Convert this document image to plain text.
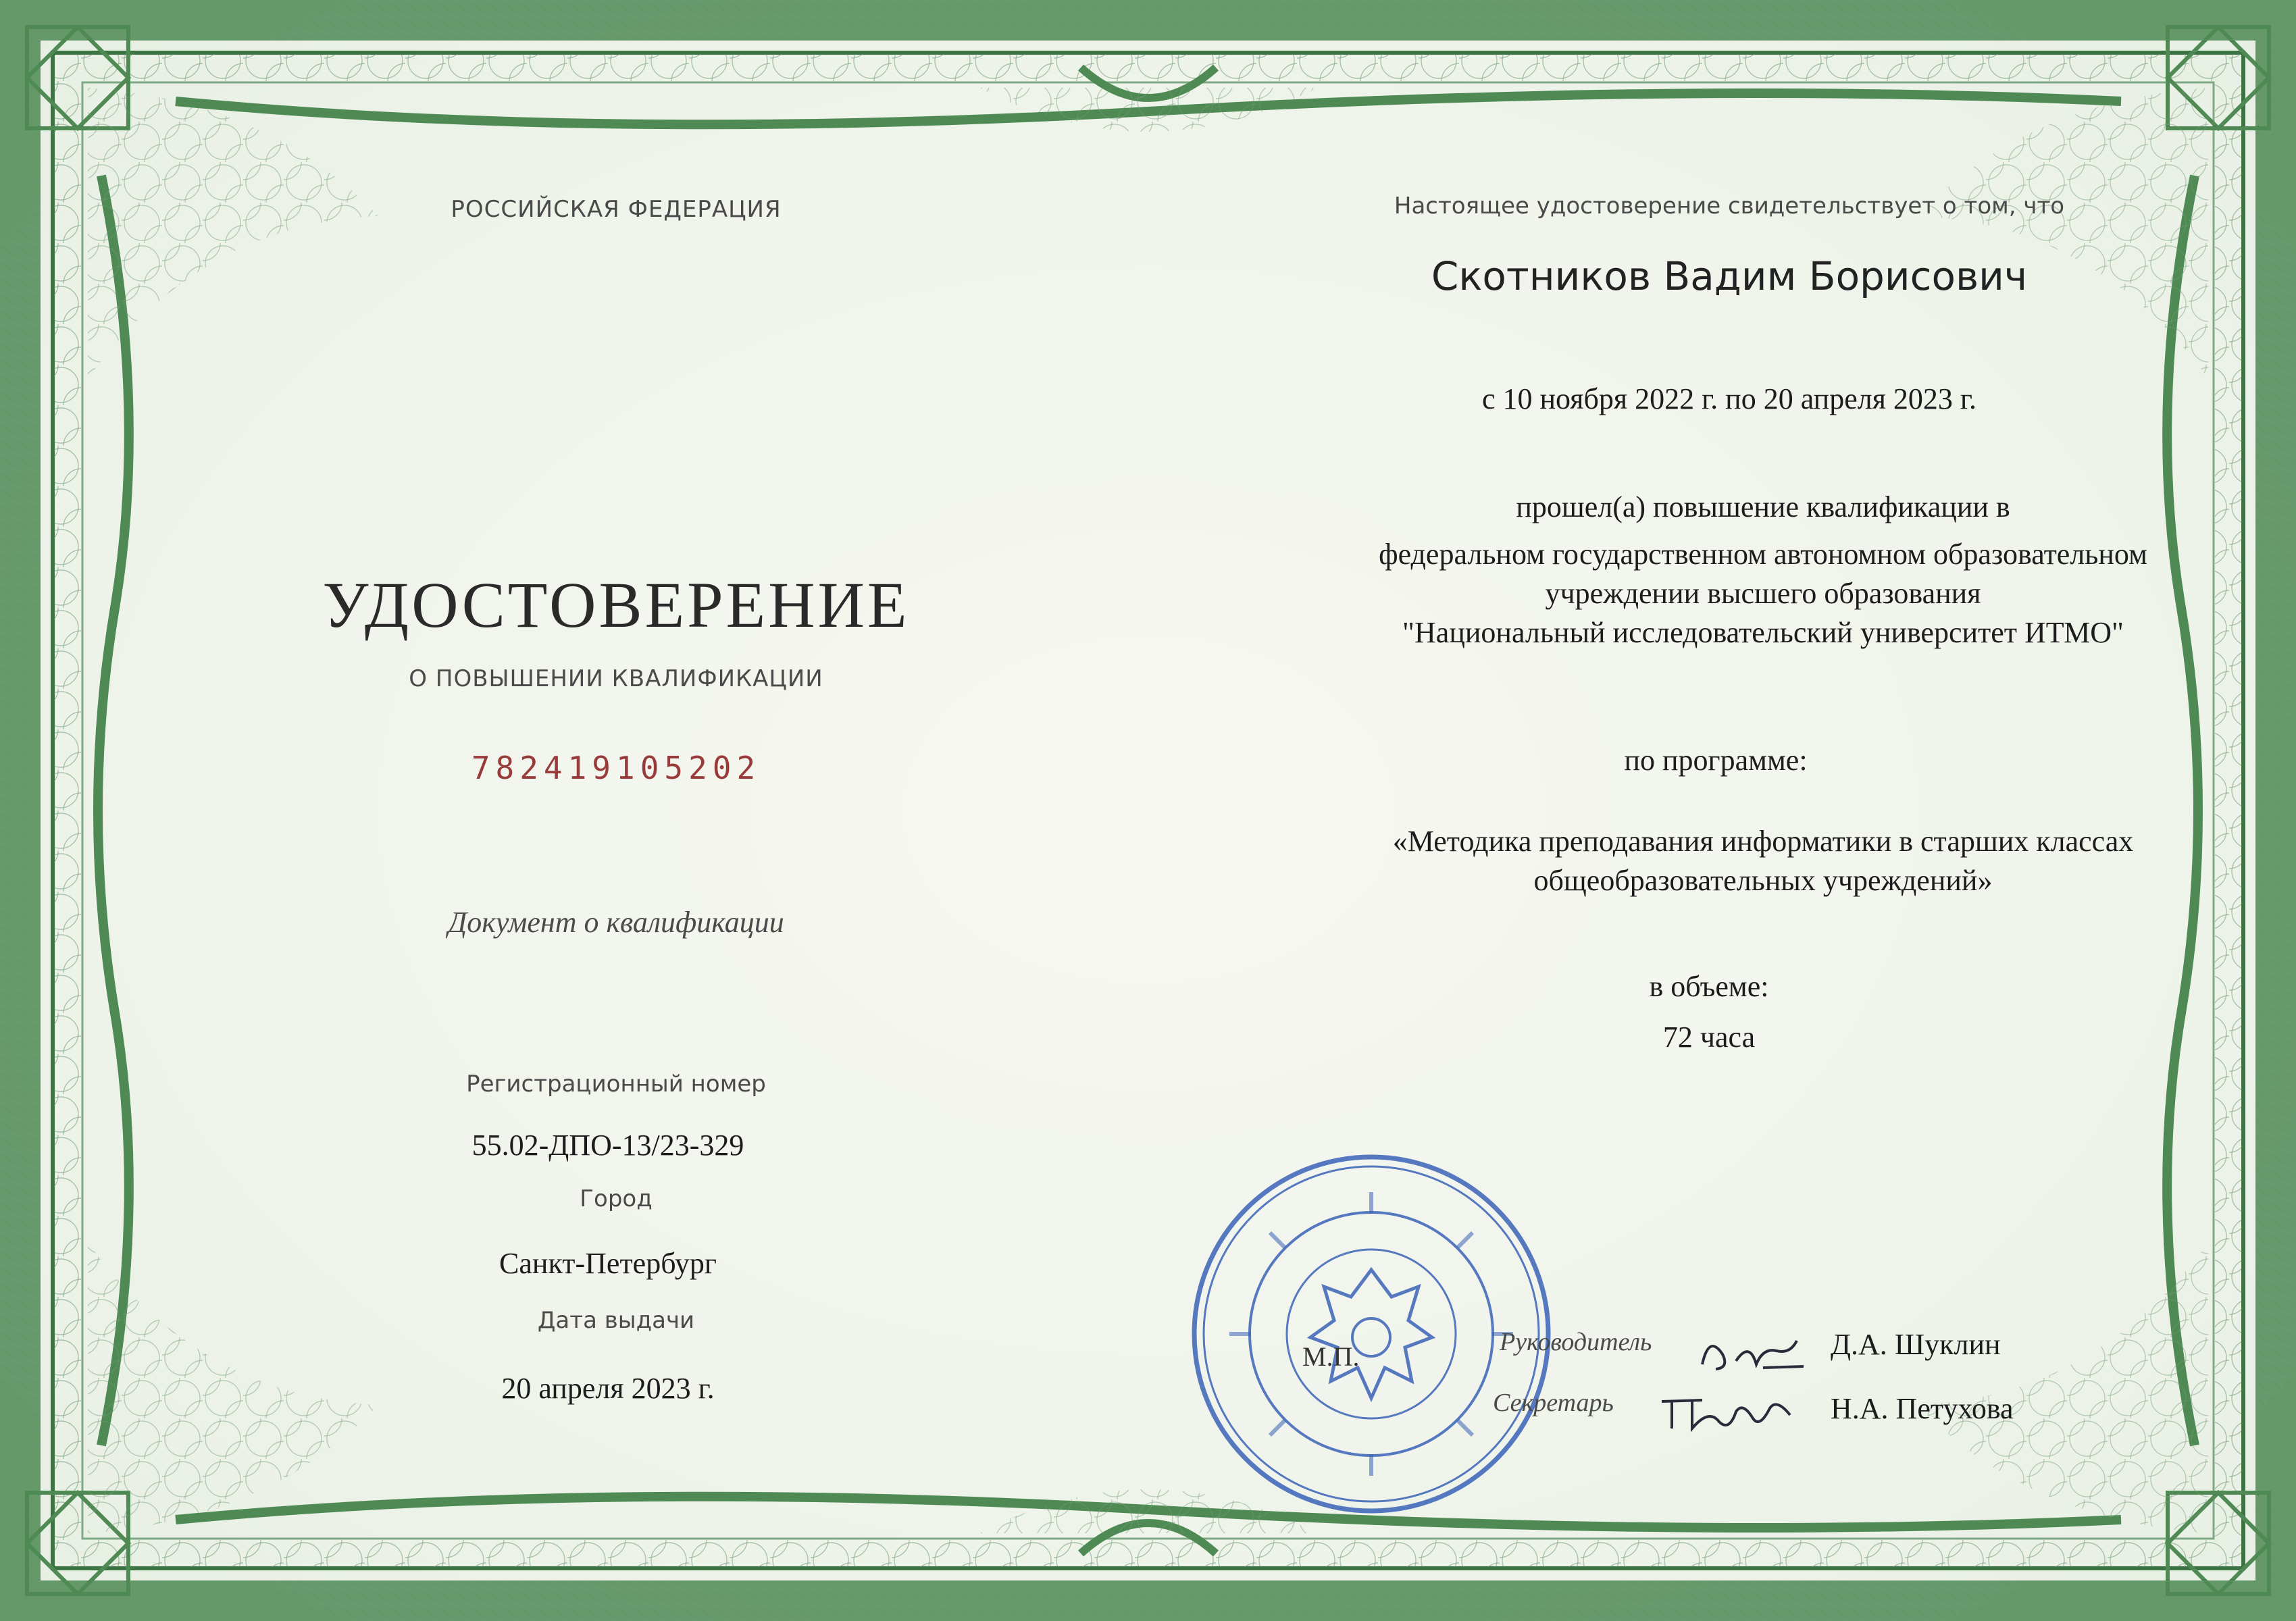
РОССИЙСКАЯ ФЕДЕРАЦИЯ

УДОСТОВЕРЕНИЕ

О ПОВЫШЕНИИ КВАЛИФИКАЦИИ

782419105202

Документ о квалификации

Регистрационный номер

55.02-ДПО-13/23-329

Город

Санкт-Петербург

Дата выдачи

20 апреля 2023 г.

Настоящее удостоверение свидетельствует о том, что

Скотников Вадим Борисович

с 10 ноября 2022 г. по 20 апреля 2023 г.

прошел(а) повышение квалификации в

федеральном государственном автономном образовательном

учреждении высшего образования

"Национальный исследовательский университет ИТМО"

по программе:

«Методика преподавания информатики в старших классах

общеобразовательных учреждений»

в объеме:

72 часа

М.П.	Руководитель

Секретарь

Д.А. Шуклин

Н.А. Петухова
